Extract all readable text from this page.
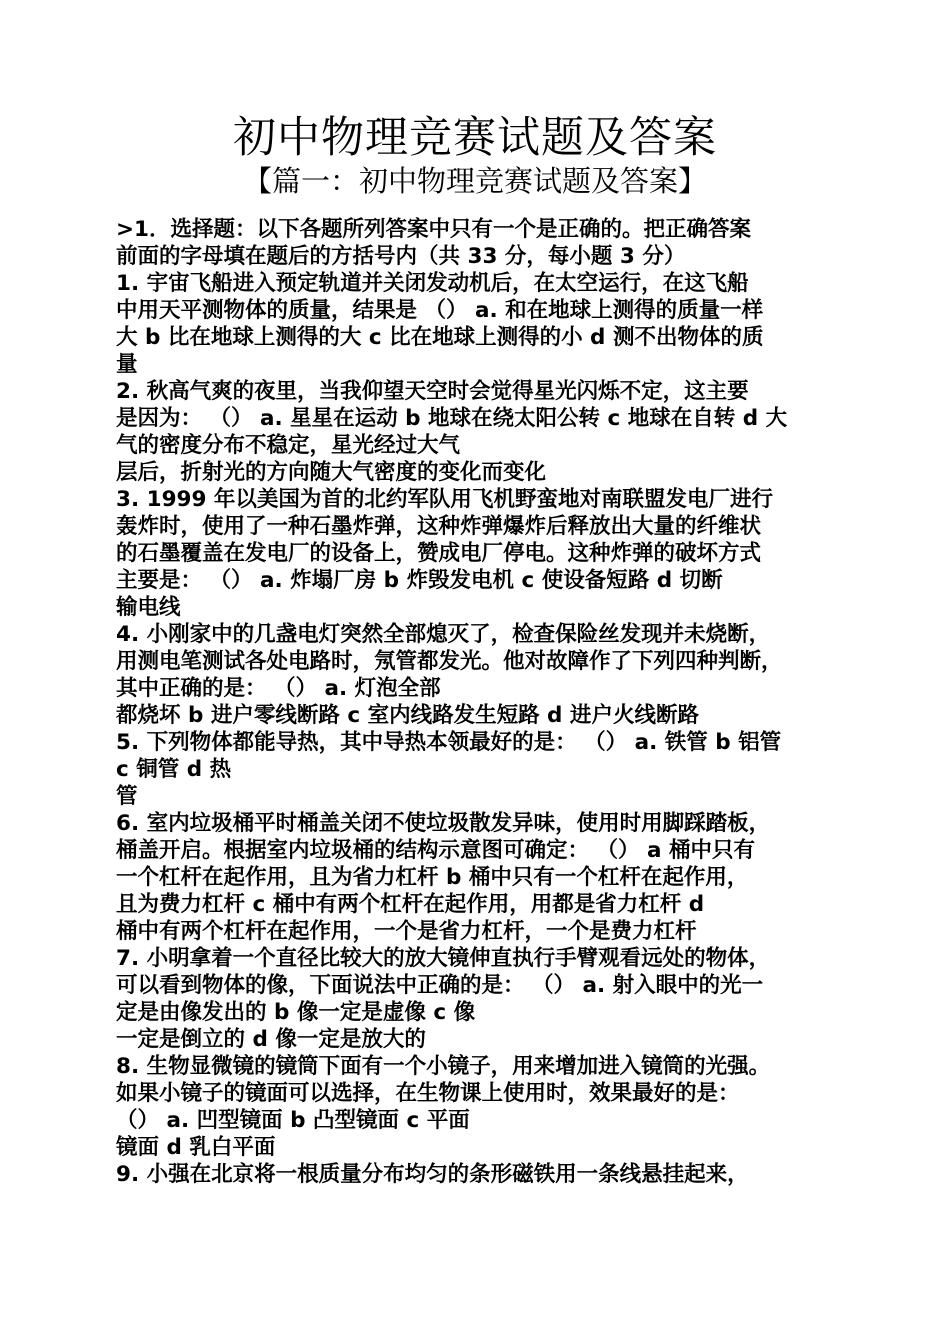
初中物理竞赛试题及答案
【篇一：初中物理竞赛试题及答案】
>1．选择题：以下各题所列答案中只有一个是正确的。把正确答案
前面的字母填在题后的方括号内（共 33 分，每小题 3 分）
1. 宇宙飞船进入预定轨道并关闭发动机后，在太空运行，在这飞船
中用天平测物体的质量，结果是 （） a. 和在地球上测得的质量一样
大 b 比在地球上测得的大 c 比在地球上测得的小 d 测不出物体的质
量
2. 秋高气爽的夜里，当我仰望天空时会觉得星光闪烁不定，这主要
是因为： （） a. 星星在运动 b 地球在绕太阳公转 c 地球在自转 d 大
气的密度分布不稳定，星光经过大气
层后，折射光的方向随大气密度的变化而变化
3. 1999 年以美国为首的北约军队用飞机野蛮地对南联盟发电厂进行
轰炸时，使用了一种石墨炸弹，这种炸弹爆炸后释放出大量的纤维状
的石墨覆盖在发电厂的设备上，赞成电厂停电。这种炸弹的破坏方式
主要是： （） a. 炸塌厂房 b 炸毁发电机 c 使设备短路 d 切断
输电线
4. 小刚家中的几盏电灯突然全部熄灭了，检查保险丝发现并未烧断，
用测电笔测试各处电路时，氖管都发光。他对故障作了下列四种判断，
其中正确的是： （） a. 灯泡全部
都烧坏 b 进户零线断路 c 室内线路发生短路 d 进户火线断路
5. 下列物体都能导热，其中导热本领最好的是： （） a. 铁管 b 铝管
c 铜管 d 热
管
6. 室内垃圾桶平时桶盖关闭不使垃圾散发异味，使用时用脚踩踏板，
桶盖开启。根据室内垃圾桶的结构示意图可确定： （） a 桶中只有
一个杠杆在起作用，且为省力杠杆 b 桶中只有一个杠杆在起作用，
且为费力杠杆 c 桶中有两个杠杆在起作用，用都是省力杠杆 d
桶中有两个杠杆在起作用，一个是省力杠杆，一个是费力杠杆
7. 小明拿着一个直径比较大的放大镜伸直执行手臂观看远处的物体，
可以看到物体的像，下面说法中正确的是： （） a. 射入眼中的光一
定是由像发出的 b 像一定是虚像 c 像
一定是倒立的 d 像一定是放大的
8. 生物显微镜的镜筒下面有一个小镜子，用来增加进入镜筒的光强。
如果小镜子的镜面可以选择，在生物课上使用时，效果最好的是：
（） a. 凹型镜面 b 凸型镜面 c 平面
镜面 d 乳白平面
9. 小强在北京将一根质量分布均匀的条形磁铁用一条线悬挂起来，
